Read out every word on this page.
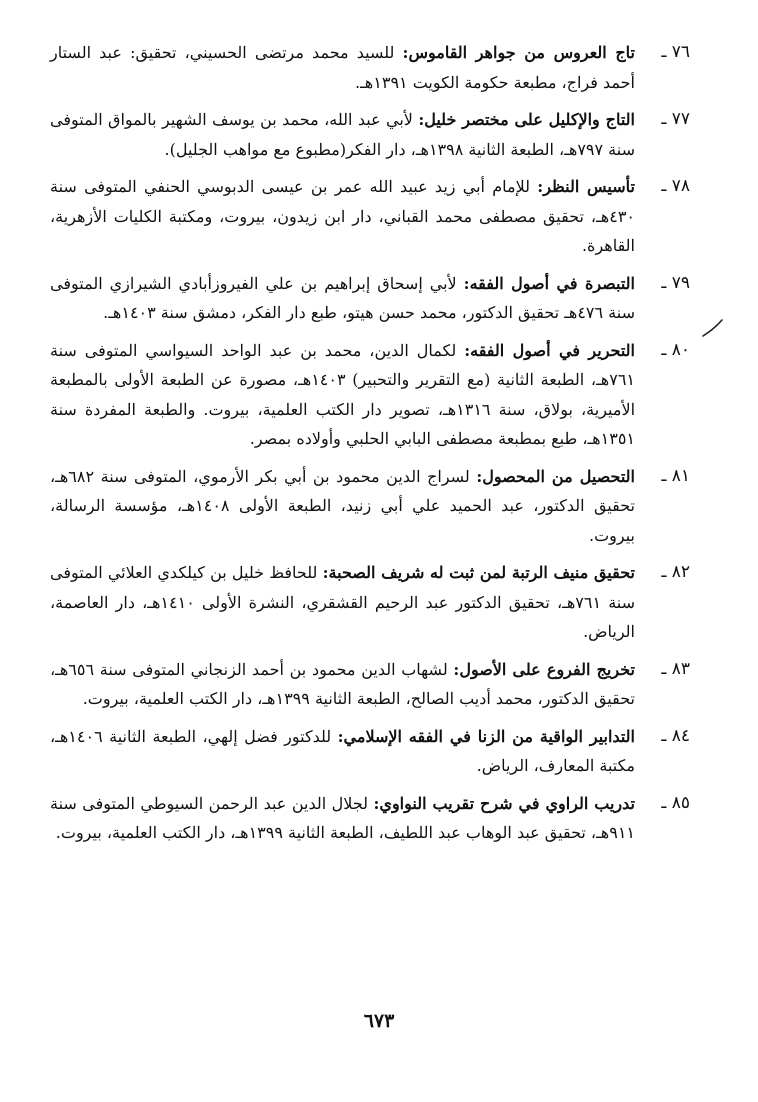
٧٦ ـ
تاج العروس من جواهر القاموس: للسيد محمد مرتضى الحسيني، تحقيق: عبد الستار أحمد فراج، مطبعة حكومة الكويت ١٣٩١هـ.
٧٧ ـ
التاج والإكليل على مختصر خليل: لأبي عبد الله، محمد بن يوسف الشهير بالمواق المتوفى سنة ٧٩٧هـ، الطبعة الثانية ١٣٩٨هـ، دار الفكر(مطبوع مع مواهب الجليل).
٧٨ ـ
تأسيس النظر: للإمام أبي زيد عبيد الله عمر بن عيسى الدبوسي الحنفي المتوفى سنة ٤٣٠هـ، تحقيق مصطفى محمد القباني، دار ابن زيدون، بيروت، ومكتبة الكليات الأزهرية، القاهرة.
٧٩ ـ
التبصرة في أصول الفقه: لأبي إسحاق إبراهيم بن علي الفيروزأبادي الشيرازي المتوفى سنة ٤٧٦هـ تحقيق الدكتور، محمد حسن هيتو، طبع دار الفكر، دمشق سنة ١٤٠٣هـ.
٨٠ ـ
التحرير في أصول الفقه: لكمال الدين، محمد بن عبد الواحد السيواسي المتوفى سنة ٧٦١هـ، الطبعة الثانية (مع التقرير والتحبير) ١٤٠٣هـ، مصورة عن الطبعة الأولى بالمطبعة الأميرية، بولاق، سنة ١٣١٦هـ، تصوير دار الكتب العلمية، بيروت. والطبعة المفردة سنة ١٣٥١هـ، طبع بمطبعة مصطفى البابي الحلبي وأولاده بمصر.
٨١ ـ
التحصيل من المحصول: لسراج الدين محمود بن أبي بكر الأرموي، المتوفى سنة ٦٨٢هـ، تحقيق الدكتور، عبد الحميد علي أبي زنيد، الطبعة الأولى ١٤٠٨هـ، مؤسسة الرسالة، بيروت.
٨٢ ـ
تحقيق منيف الرتبة لمن ثبت له شريف الصحبة: للحافظ خليل بن كيلكدي العلائي المتوفى سنة ٧٦١هـ، تحقيق الدكتور عبد الرحيم القشقري، النشرة الأولى ١٤١٠هـ، دار العاصمة، الرياض.
٨٣ ـ
تخريج الفروع على الأصول: لشهاب الدين محمود بن أحمد الزنجاني المتوفى سنة ٦٥٦هـ، تحقيق الدكتور، محمد أديب الصالح، الطبعة الثانية ١٣٩٩هـ، دار الكتب العلمية، بيروت.
٨٤ ـ
التدابير الواقية من الزنا في الفقه الإسلامي: للدكتور فضل إلهي، الطبعة الثانية ١٤٠٦هـ، مكتبة المعارف، الرياض.
٨٥ ـ
تدريب الراوي في شرح تقريب النواوي: لجلال الدين عبد الرحمن السيوطي المتوفى سنة ٩١١هـ، تحقيق عبد الوهاب عبد اللطيف، الطبعة الثانية ١٣٩٩هـ، دار الكتب العلمية، بيروت.
٦٧٣
